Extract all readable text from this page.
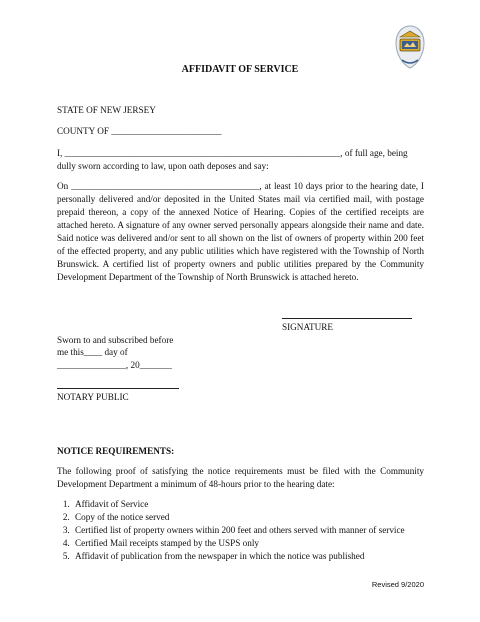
AFFIDAVIT OF SERVICE
STATE OF NEW JERSEY
COUNTY OF ________________________
I, ____________________________________________________________, of full age, being
dully sworn according to law, upon oath deposes and say:
On _________________________________________, at least 10 days prior to the hearing date, I personally delivered and/or deposited in the United States mail via certified mail, with postage prepaid thereon, a copy of the annexed Notice of Hearing. Copies of the certified receipts are attached hereto. A signature of any owner served personally appears alongside their name and date. Said notice was delivered and/or sent to all shown on the list of owners of property within 200 feet of the effected property, and any public utilities which have registered with the Township of North Brunswick. A certified list of property owners and public utilities prepared by the Community Development Department of the Township of North Brunswick is attached hereto.
SIGNATURE
Sworn to and subscribed before
me this____ day of
_______________, 20_______
NOTARY PUBLIC
NOTICE REQUIREMENTS:
The following proof of satisfying the notice requirements must be filed with the Community Development Department a minimum of 48-hours prior to the hearing date:
1. Affidavit of Service
2. Copy of the notice served
3. Certified list of property owners within 200 feet and others served with manner of service
4. Certified Mail receipts stamped by the USPS only
5. Affidavit of publication from the newspaper in which the notice was published
Revised 9/2020
